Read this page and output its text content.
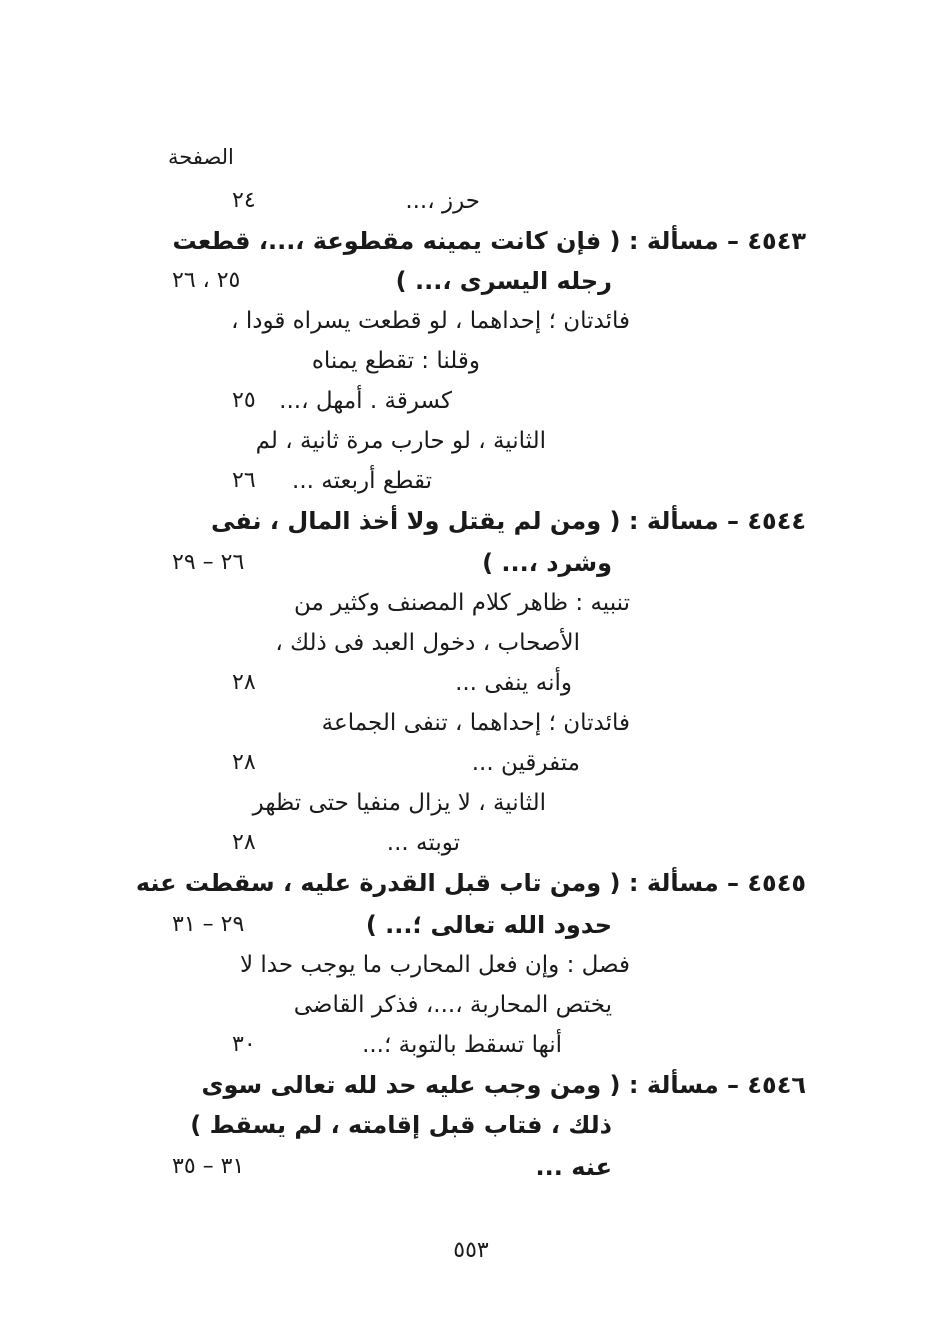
الصفحة
حرز ،...
٤٥٤٣ – مسألة : ( فإن كانت يمينه مقطوعة ،...، قطعت
رجله اليسرى ،... )
فائدتان ؛ إحداهما ، لو قطعت يسراه قودا ،
وقلنا : تقطع يمناه
كسرقة . أمهل ،...
الثانية ، لو حارب مرة ثانية ، لم
تقطع أربعته ...
٤٥٤٤ – مسألة : ( ومن لم يقتل ولا أخذ المال ، نفى
وشرد ،... )
تنبيه : ظاهر كلام المصنف وكثير من
الأصحاب ، دخول العبد فى ذلك ،
وأنه ينفى ...
فائدتان ؛ إحداهما ، تنفى الجماعة
متفرقين ...
الثانية ، لا يزال منفيا حتى تظهر
توبته ...
٤٥٤٥ – مسألة : ( ومن تاب قبل القدرة عليه ، سقطت عنه
حدود الله تعالى ؛... )
فصل : وإن فعل المحارب ما يوجب حدا لا
يختص المحاربة ،...، فذكر القاضى
أنها تسقط بالتوبة ؛...
٤٥٤٦ – مسألة : ( ومن وجب عليه حد لله تعالى سوى
ذلك ، فتاب قبل إقامته ، لم يسقط )
عنه ...
٢٤
٢٥ ، ٢٦
٢٥
٢٦
٢٦ – ٢٩
٢٨
٢٨
٢٨
٢٩ – ٣١
٣٠
٣١ – ٣٥
٥٥٣
